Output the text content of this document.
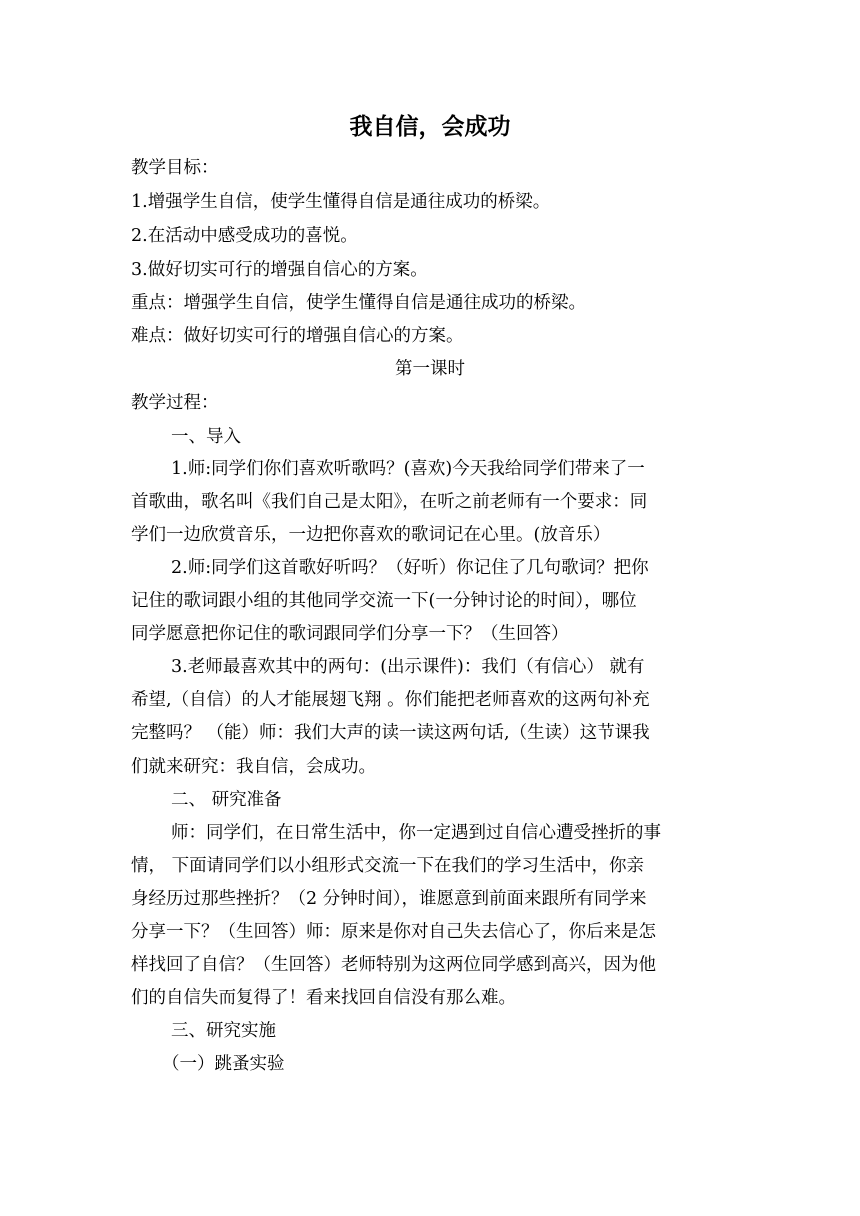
我自信，会成功
教学目标：
1.增强学生自信，使学生懂得自信是通往成功的桥梁。
2.在活动中感受成功的喜悦。
3.做好切实可行的增强自信心的方案。
重点：增强学生自信，使学生懂得自信是通往成功的桥梁。
难点：做好切实可行的增强自信心的方案。
第一课时
教学过程：
一、导入
1.师:同学们你们喜欢听歌吗？(喜欢)今天我给同学们带来了一
首歌曲，歌名叫《我们自己是太阳》，在听之前老师有一个要求：同
学们一边欣赏音乐，一边把你喜欢的歌词记在心里。(放音乐）
2.师:同学们这首歌好听吗？（好听）你记住了几句歌词？把你
记住的歌词跟小组的其他同学交流一下(一分钟讨论的时间），哪位
同学愿意把你记住的歌词跟同学们分享一下？（生回答）
3.老师最喜欢其中的两句：(出示课件)：我们（有信心） 就有
希望,（自信）的人才能展翅飞翔 。你们能把老师喜欢的这两句补充
完整吗？ （能）师：我们大声的读一读这两句话,（生读）这节课我
们就来研究：我自信，会成功。
二、 研究准备
师：同学们，在日常生活中，你一定遇到过自信心遭受挫折的事
情， 下面请同学们以小组形式交流一下在我们的学习生活中，你亲
身经历过那些挫折？（2 分钟时间），谁愿意到前面来跟所有同学来
分享一下？（生回答）师：原来是你对自己失去信心了，你后来是怎
样找回了自信？（生回答）老师特别为这两位同学感到高兴，因为他
们的自信失而复得了！看来找回自信没有那么难。
三、研究实施
（一）跳蚤实验
